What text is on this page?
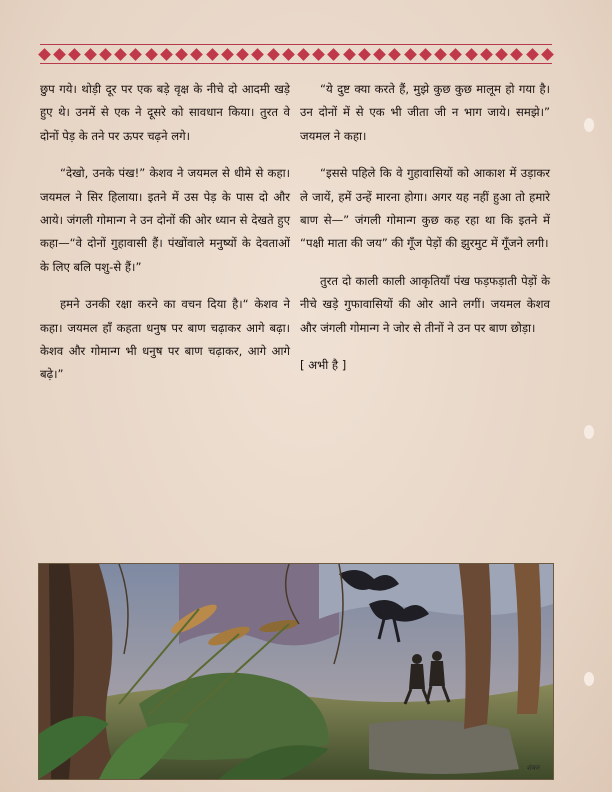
छुप गये। थोड़ी दूर पर एक बड़े वृक्ष के नीचे दो आदमी खड़े हुए थे। उनमें से एक ने दूसरे को सावधान किया। तुरत वे दोनों पेड़ के तने पर ऊपर चढ़ने लगे।

“देखो, उनके पंख!” केशव ने जयमल से धीमे से कहा। जयमल ने सिर हिलाया। इतने में उस पेड़ के पास दो और आये। जंगली गोमान्ग ने उन दोनों की ओर ध्यान से देखते हुए कहा—“वे दोनों गुहावासी हैं। पंखोंवाले मनुष्यों के देवताओं के लिए बलि पशु-से हैं।”

हमने उनकी रक्षा करने का वचन दिया है।“ केशव ने कहा। जयमल हाँ कहता धनुष पर बाण चढ़ाकर आगे बढ़ा। केशव और गोमान्ग भी धनुष पर बाण चढ़ाकर, आगे आगे बढ़े।”

“ये दुष्ट क्या करते हैं, मुझे कुछ कुछ मालूम हो गया है। उन दोनों में से एक भी जीता जी न भाग जाये। समझे।” जयमल ने कहा।

“इससे पहिले कि वे गुहावासियों को आकाश में उड़ाकर ले जायें, हमें उन्हें मारना होगा। अगर यह नहीं हुआ तो हमारे बाण से—” जंगली गोमान्ग कुछ कह रहा था कि इतने में “पक्षी माता की जय” की गूँज पेड़ों की झुरमुट में गूँजने लगी।

तुरत दो काली काली आकृतियाँ पंख फड़फड़ाती पेड़ों के नीचे खड़े गुफावासियों की ओर आने लगीं। जयमल केशव और जंगली गोमान्ग ने जोर से तीनों ने उन पर बाण छोड़ा।

[ अभी है ]

शंकर
